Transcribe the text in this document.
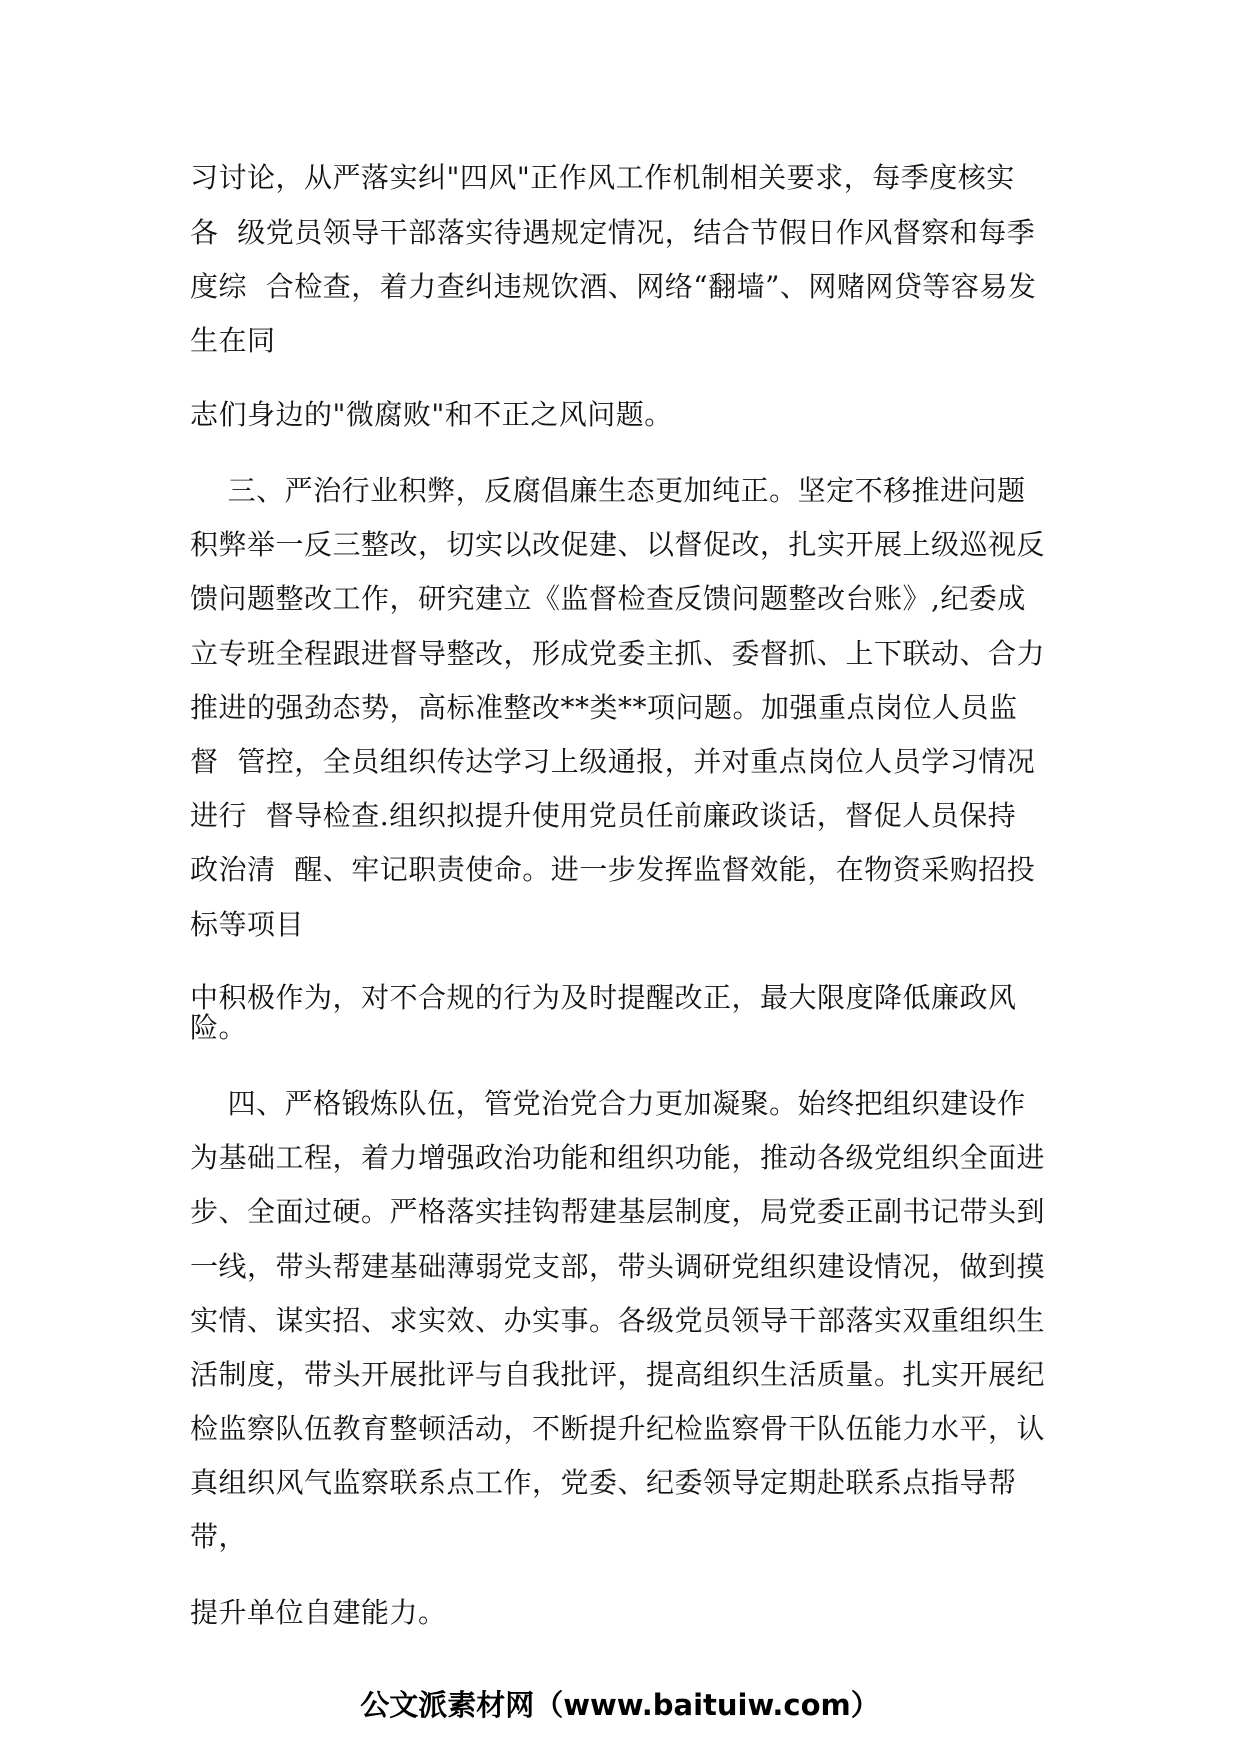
习讨论，从严落实纠"四风"正作风工作机制相关要求，每季度核实
各  级党员领导干部落实待遇规定情况，结合节假日作风督察和每季
度综  合检查，着力查纠违规饮酒、网络“翻墙”、网赌网贷等容易发
生在同
志们身边的"微腐败"和不正之风问题。
三、严治行业积弊，反腐倡廉生态更加纯正。坚定不移推进问题
积弊举一反三整改，切实以改促建、以督促改，扎实开展上级巡视反
馈问题整改工作，研究建立《监督检查反馈问题整改台账》,纪委成
立专班全程跟进督导整改，形成党委主抓、委督抓、上下联动、合力
推进的强劲态势，高标准整改**类**项问题。加强重点岗位人员监
督  管控，全员组织传达学习上级通报，并对重点岗位人员学习情况
进行  督导检查.组织拟提升使用党员任前廉政谈话，督促人员保持
政治清  醒、牢记职责使命。进一步发挥监督效能，在物资采购招投
标等项目
中积极作为，对不合规的行为及时提醒改正，最大限度降低廉政风
险。
四、严格锻炼队伍，管党治党合力更加凝聚。始终把组织建设作
为基础工程，着力增强政治功能和组织功能，推动各级党组织全面进
步、全面过硬。严格落实挂钩帮建基层制度，局党委正副书记带头到
一线，带头帮建基础薄弱党支部，带头调研党组织建设情况，做到摸
实情、谋实招、求实效、办实事。各级党员领导干部落实双重组织生
活制度，带头开展批评与自我批评，提高组织生活质量。扎实开展纪
检监察队伍教育整顿活动，不断提升纪检监察骨干队伍能力水平，认
真组织风气监察联系点工作，党委、纪委领导定期赴联系点指导帮
带，
提升单位自建能力。
公文派素材网（www.baituiw.com）
